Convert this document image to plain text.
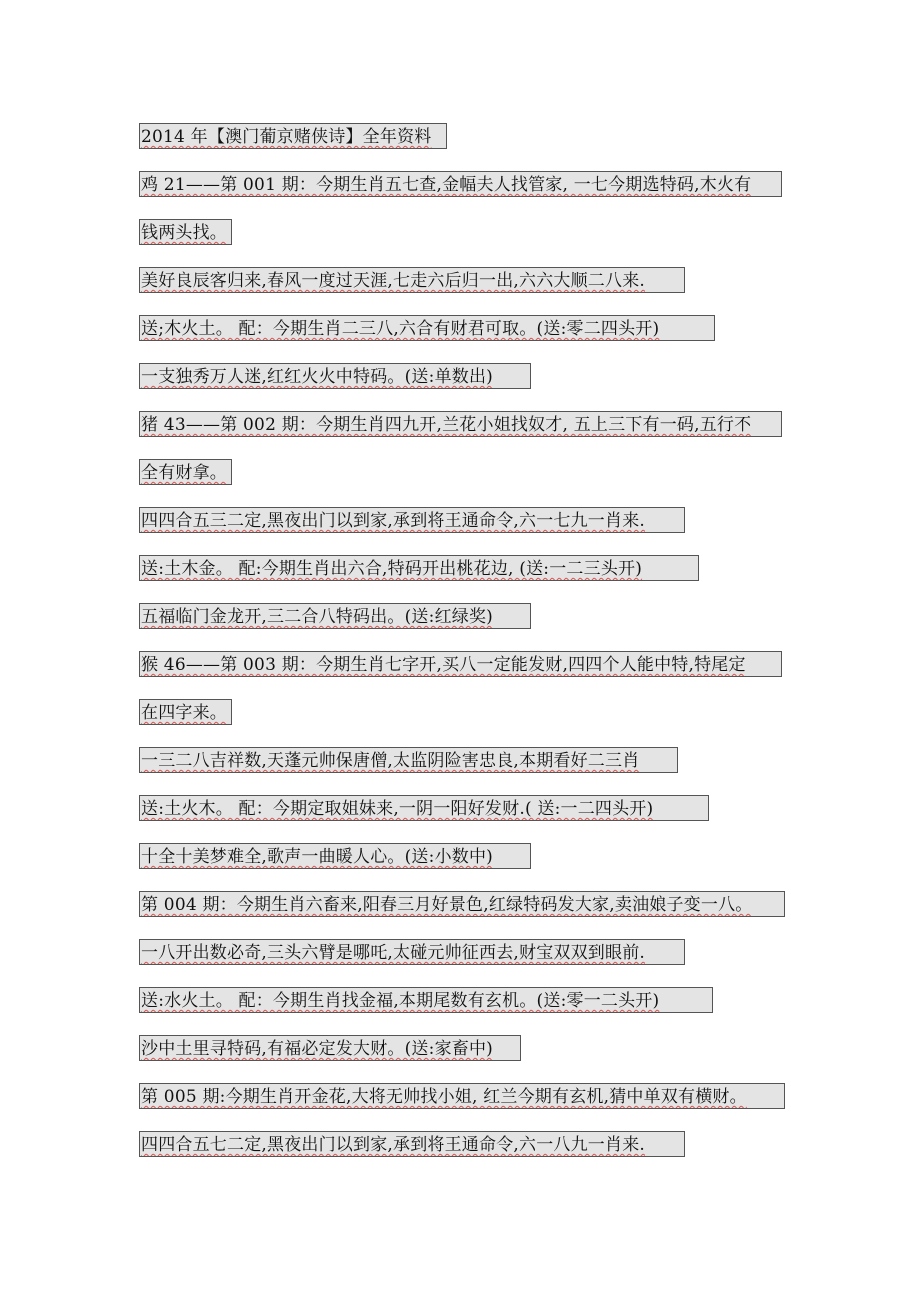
2014 年【澳门葡京赌侠诗】全年资料
鸡 21——第 001 期：今期生肖五七查,金幅夫人找管家, 一七今期选特码,木火有
钱两头找。
美好良辰客归来,春风一度过天涯,七走六后归一出,六六大顺二八来.
送;木火土。 配：今期生肖二三八,六合有财君可取。(送:零二四头开)
一支独秀万人迷,红红火火中特码。(送:单数出)
猪 43——第 002 期：今期生肖四九开,兰花小姐找奴才, 五上三下有一码,五行不
全有财拿。
四四合五三二定,黑夜出门以到家,承到将王通命令,六一七九一肖来.
送:土木金。 配:今期生肖出六合,特码开出桃花边, (送:一二三头开)
五福临门金龙开,三二合八特码出。(送:红绿奖)
猴 46——第 003 期：今期生肖七字开,买八一定能发财,四四个人能中特,特尾定
在四字来。
一三二八吉祥数,天蓬元帅保唐僧,太监阴险害忠良,本期看好二三肖
送:土火木。 配：今期定取姐妹来,一阴一阳好发财.( 送:一二四头开)
十全十美梦难全,歌声一曲暖人心。(送:小数中)
第 004 期：今期生肖六畜来,阳春三月好景色,红绿特码发大家,卖油娘子变一八。
一八开出数必奇,三头六臂是哪吒,太碰元帅征西去,财宝双双到眼前.
送:水火土。 配：今期生肖找金福,本期尾数有玄机。(送:零一二头开)
沙中土里寻特码,有福必定发大财。(送:家畜中)
第 005 期:今期生肖开金花,大将无帅找小姐, 红兰今期有玄机,猜中单双有横财。
四四合五七二定,黑夜出门以到家,承到将王通命令,六一八九一肖来.
